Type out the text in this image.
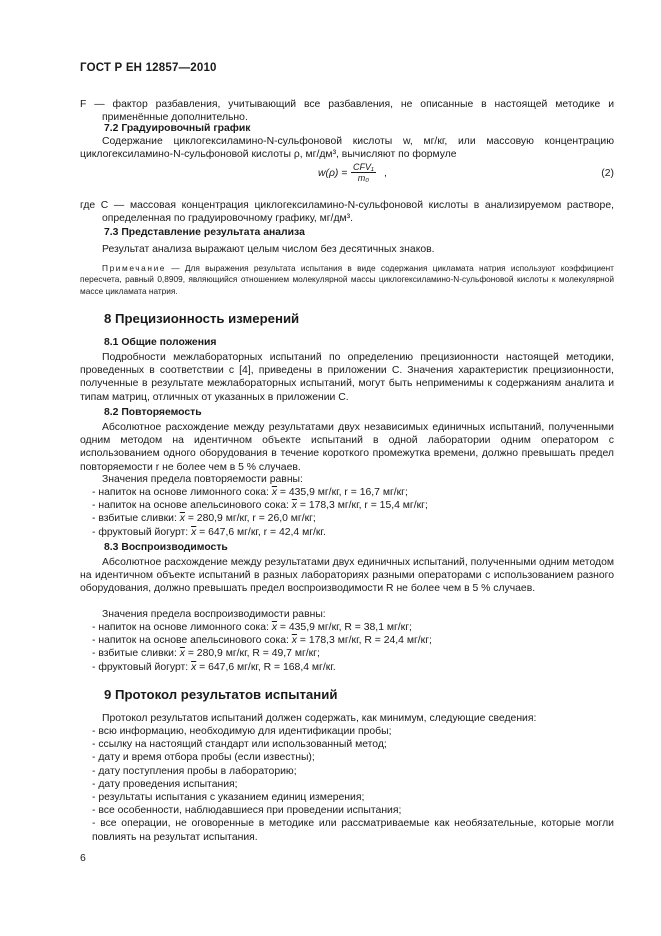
ГОСТ Р ЕН 12857—2010

F — фактор разбавления, учитывающий все разбавления, не описанные в настоящей методике и применённые дополнительно.

7.2 Градуировочный график

Содержание циклогексиламино-N-сульфоновой кислоты w, мг/кг, или массовую концентрацию циклогексиламино-N-сульфоновой кислоты ρ, мг/дм³, вычисляют по формуле

w(ρ) =
CFV₁
m₀	,	(2)

где C — массовая концентрация циклогексиламино-N-сульфоновой кислоты в анализируемом растворе, определенная по градуировочному графику, мг/дм³.

7.3 Представление результата анализа

Результат анализа выражают целым числом без десятичных знаков.

Примечание — Для выражения результата испытания в виде содержания цикламата натрия используют коэффициент пересчета, равный 0,8909, являющийся отношением молекулярной массы циклогексиламино-N-сульфоновой кислоты к молекулярной массе цикламата натрия.

8 Прецизионность измерений

8.1 Общие положения

Подробности межлабораторных испытаний по определению прецизионности настоящей методики, проведенных в соответствии с [4], приведены в приложении С. Значения характеристик прецизионности, полученные в результате межлабораторных испытаний, могут быть неприменимы к содержаниям аналита и типам матриц, отличных от указанных в приложении С.

8.2 Повторяемость

Абсолютное расхождение между результатами двух независимых единичных испытаний, полученными одним методом на идентичном объекте испытаний в одной лаборатории одним оператором с использованием одного оборудования в течение короткого промежутка времени, должно превышать предел повторяемости r не более чем в 5 % случаев.

Значения предела повторяемости равны:

- напиток на основе лимонного сока: $\overline{x} = 435,9$ мг/кг, r = 16,7 мг/кг;

- напиток на основе апельсинового сока: $\overline{x} = 178,3$ мг/кг, r = 15,4 мг/кг;

- взбитые сливки: $\overline{x} = 280,9$ мг/кг, r = 26,0 мг/кг;

- фруктовый йогурт: $\overline{x} = 647,6$ мг/кг, r = 42,4 мг/кг.

8.3 Воспроизводимость

Абсолютное расхождение между результатами двух единичных испытаний, полученными одним методом на идентичном объекте испытаний в разных лабораториях разными операторами с использованием разного оборудования, должно превышать предел воспроизводимости R не более чем в 5 % случаев.

Значения предела воспроизводимости равны:

- напиток на основе лимонного сока: $\overline{x} = 435,9$ мг/кг, R = 38,1 мг/кг;

- напиток на основе апельсинового сока: $\overline{x} = 178,3$ мг/кг, R = 24,4 мг/кг;

- взбитые сливки: $\overline{x} = 280,9$ мг/кг, R = 49,7 мг/кг;

- фруктовый йогурт: $\overline{x} = 647,6$ мг/кг, R = 168,4 мг/кг.

9 Протокол результатов испытаний

Протокол результатов испытаний должен содержать, как минимум, следующие сведения:

- всю информацию, необходимую для идентификации пробы;

- ссылку на настоящий стандарт или использованный метод;

- дату и время отбора пробы (если известны);

- дату поступления пробы в лабораторию;

- дату проведения испытания;

- результаты испытания с указанием единиц измерения;

- все особенности, наблюдавшиеся при проведении испытания;

- все операции, не оговоренные в методике или рассматриваемые как необязательные, которые могли повлиять на результат испытания.

6
